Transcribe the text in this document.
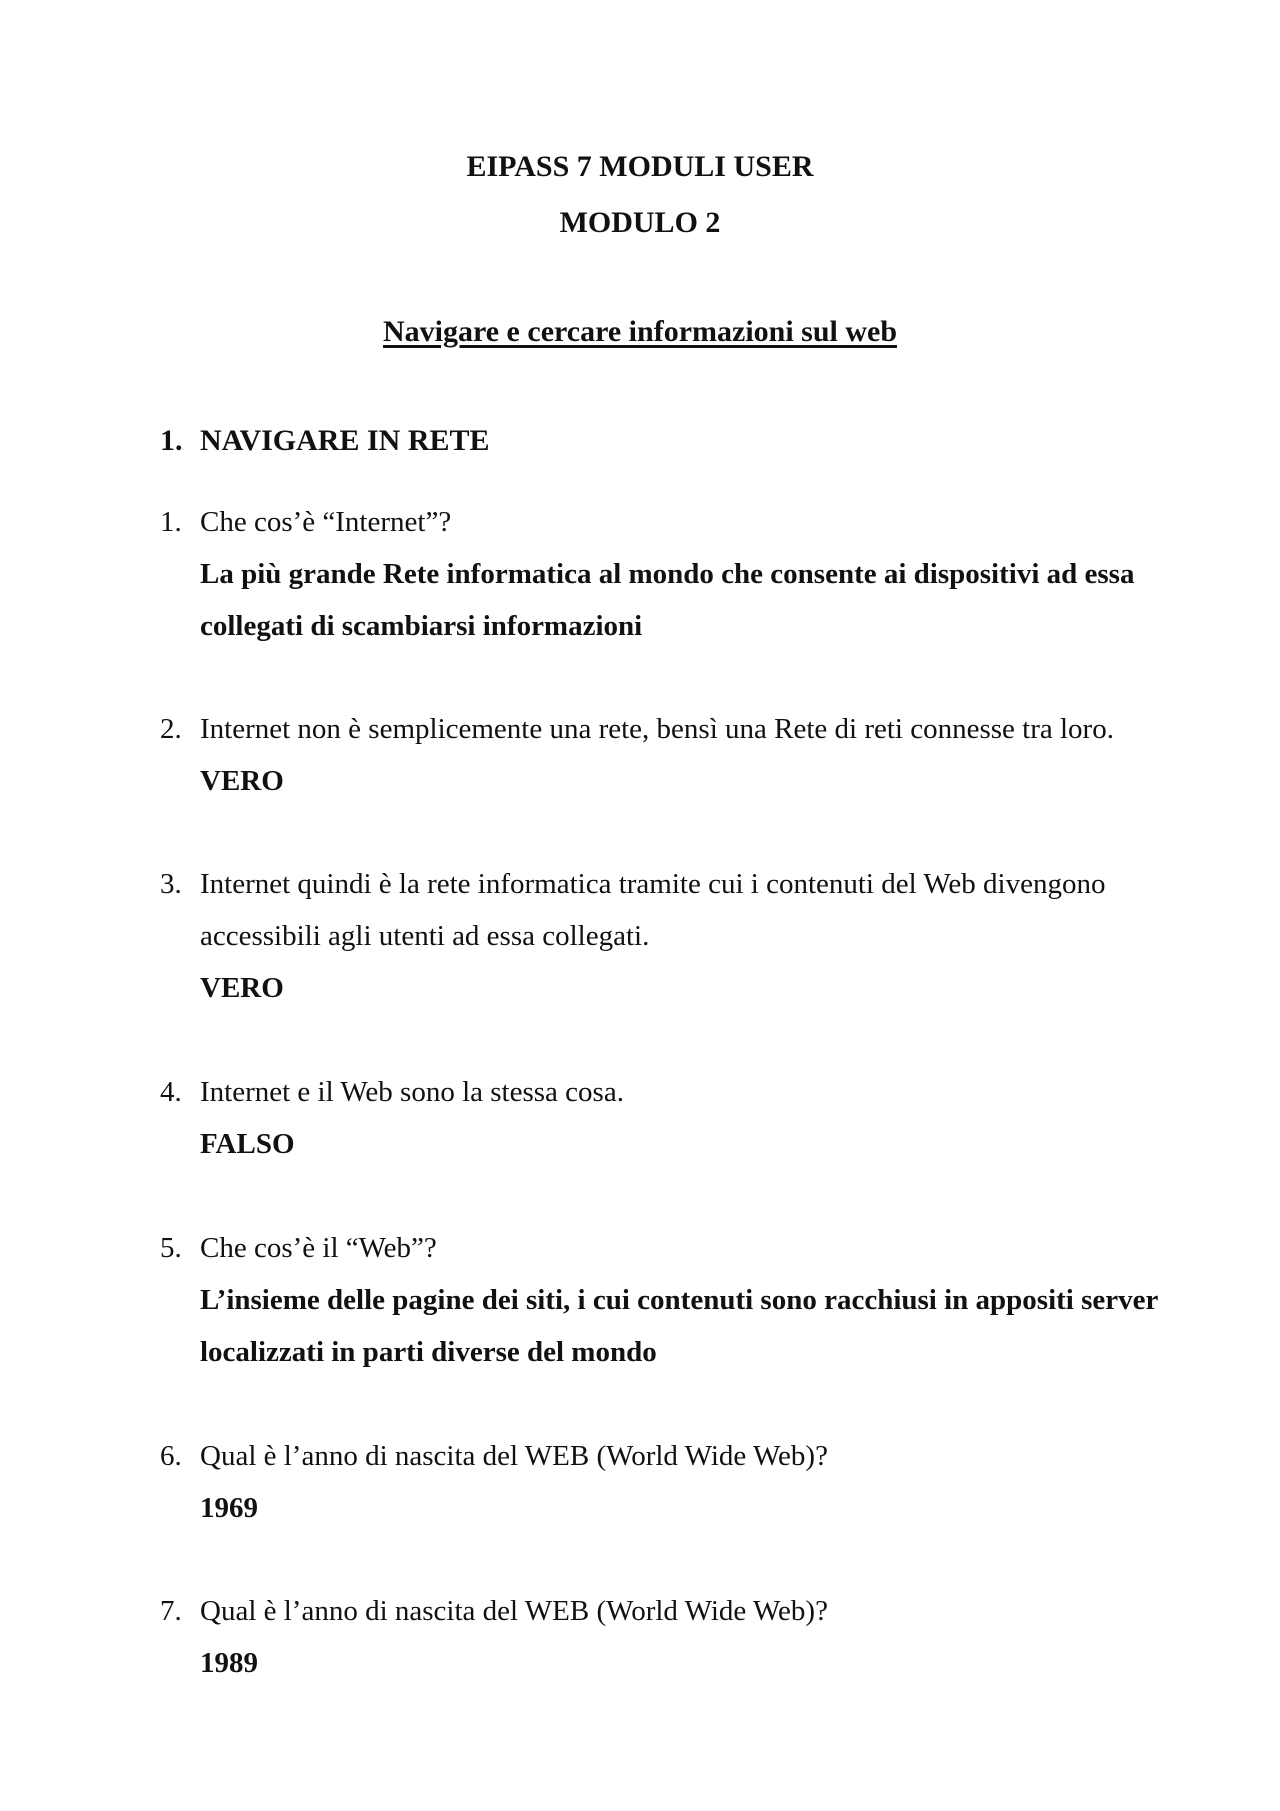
EIPASS 7 MODULI USER
MODULO 2
Navigare e cercare informazioni sul web
1. NAVIGARE IN RETE
1. Che cos’è “Internet”?
La più grande Rete informatica al mondo che consente ai dispositivi ad essa collegati di scambiarsi informazioni
2. Internet non è semplicemente una rete, bensì una Rete di reti connesse tra loro.
VERO
3. Internet quindi è la rete informatica tramite cui i contenuti del Web divengono accessibili agli utenti ad essa collegati.
VERO
4. Internet e il Web sono la stessa cosa.
FALSO
5. Che cos’è il “Web”?
L’insieme delle pagine dei siti, i cui contenuti sono racchiusi in appositi server localizzati in parti diverse del mondo
6. Qual è l’anno di nascita del WEB (World Wide Web)?
1969
7. Qual è l’anno di nascita del WEB (World Wide Web)?
1989
